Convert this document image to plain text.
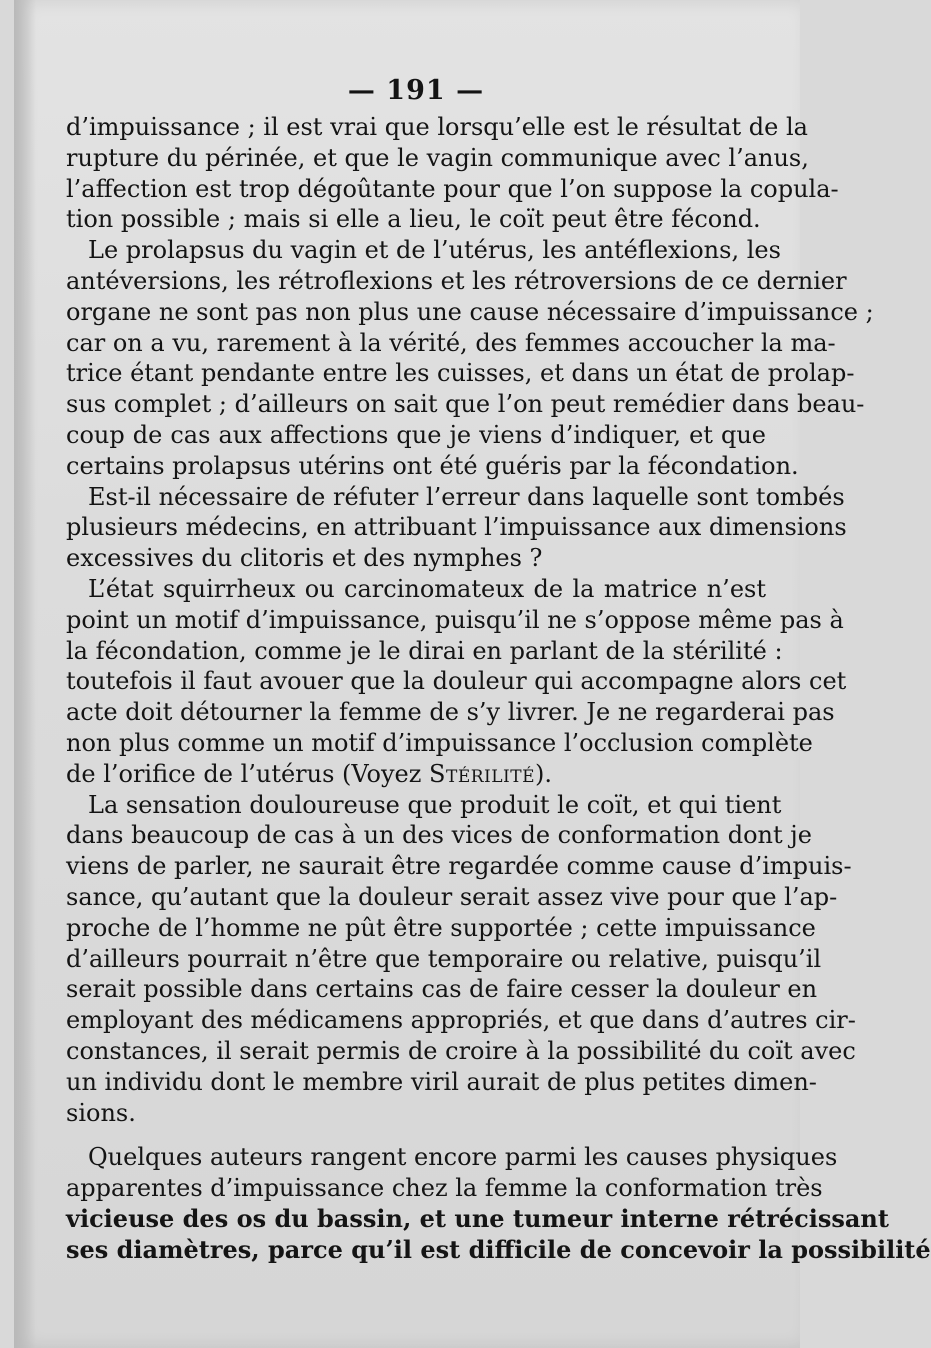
— 191 —
d’impuissance ; il est vrai que lorsqu’elle est le résultat de la
rupture du périnée, et que le vagin communique avec l’anus,
l’affection est trop dégoûtante pour que l’on suppose la copula-
tion possible ; mais si elle a lieu, le coït peut être fécond.
Le prolapsus du vagin et de l’utérus, les antéflexions, les
antéversions, les rétroflexions et les rétroversions de ce dernier
organe ne sont pas non plus une cause nécessaire d’impuissance ;
car on a vu, rarement à la vérité, des femmes accoucher la ma-
trice étant pendante entre les cuisses, et dans un état de prolap-
sus complet ; d’ailleurs on sait que l’on peut remédier dans beau-
coup de cas aux affections que je viens d’indiquer, et que
certains prolapsus utérins ont été guéris par la fécondation.
Est-il nécessaire de réfuter l’erreur dans laquelle sont tombés
plusieurs médecins, en attribuant l’impuissance aux dimensions
excessives du clitoris et des nymphes ?
L’état squirrheux ou carcinomateux de la matrice n’est
point un motif d’impuissance, puisqu’il ne s’oppose même pas à
la fécondation, comme je le dirai en parlant de la stérilité :
toutefois il faut avouer que la douleur qui accompagne alors cet
acte doit détourner la femme de s’y livrer. Je ne regarderai pas
non plus comme un motif d’impuissance l’occlusion complète
de l’orifice de l’utérus (Voyez Stérilité).
La sensation douloureuse que produit le coït, et qui tient
dans beaucoup de cas à un des vices de conformation dont je
viens de parler, ne saurait être regardée comme cause d’impuis-
sance, qu’autant que la douleur serait assez vive pour que l’ap-
proche de l’homme ne pût être supportée ; cette impuissance
d’ailleurs pourrait n’être que temporaire ou relative, puisqu’il
serait possible dans certains cas de faire cesser la douleur en
employant des médicamens appropriés, et que dans d’autres cir-
constances, il serait permis de croire à la possibilité du coït avec
un individu dont le membre viril aurait de plus petites dimen-
sions.
Quelques auteurs rangent encore parmi les causes physiques
apparentes d’impuissance chez la femme la conformation très
vicieuse des os du bassin, et une tumeur interne rétrécissant
ses diamètres, parce qu’il est difficile de concevoir la possibilité
